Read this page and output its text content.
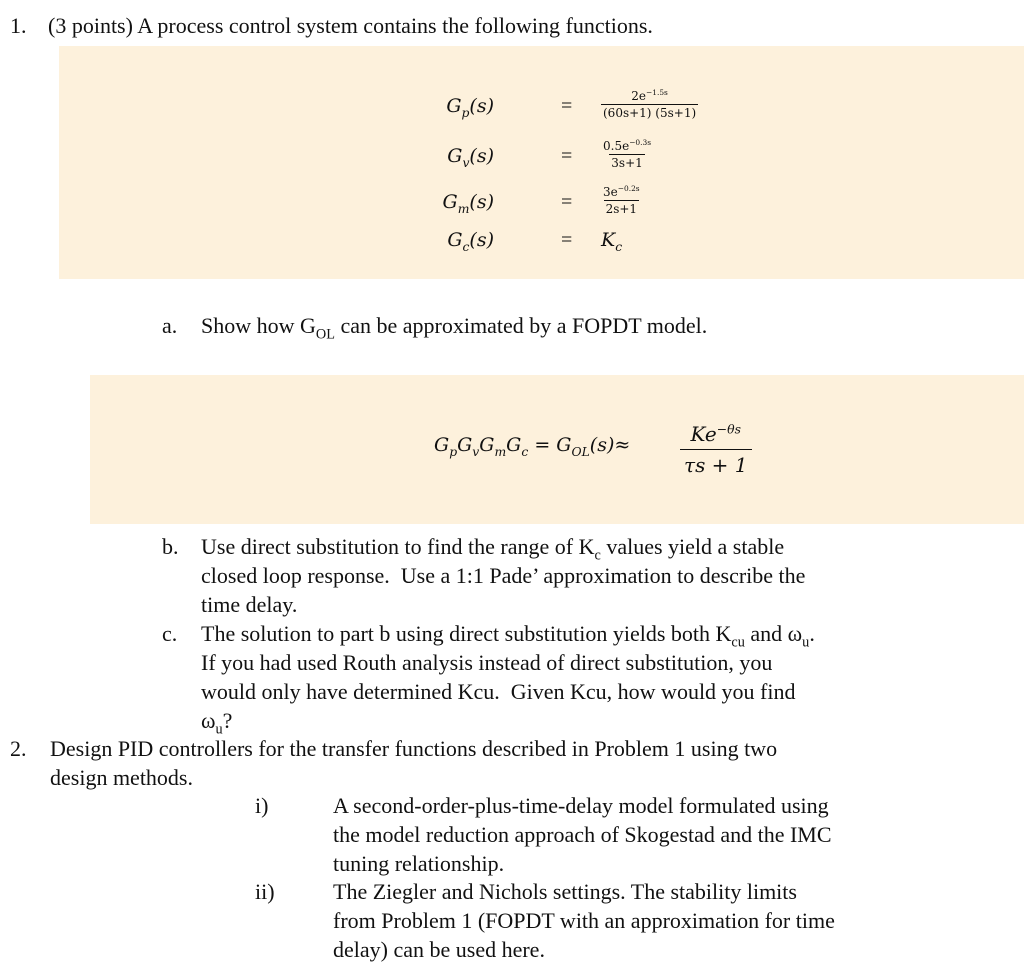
1. (3 points) A process control system contains the following functions.
$G_p(s)$	= $\frac{2e^{-1.5s}}{(60s+1) (5s+1)}$
$G_v(s)$	= $\frac{0.5e^{-0.3s}}{3s+1}$
$G_m(s)$	= $\frac{3e^{-0.2s}}{2s+1}$
$G_c(s)$	= $K_c$
a. Show how $G_{OL}$ can be approximated by a FOPDT model.
$G_pG_vG_mG_c = G_{OL}(s)\approx \frac{Ke^{-\theta s}}{\tau s + 1}$
b. Use direct substitution to find the range of $K_c$ values yield a stable
closed loop response.  Use a 1:1 Pade’ approximation to describe the
time delay.
c. The solution to part b using direct substitution yields both $K_{cu}$ and $\omega_u$.
If you had used Routh analysis instead of direct substitution, you
would only have determined Kcu.  Given Kcu, how would you find
$\omega_u$?
2. Design PID controllers for the transfer functions described in Problem 1 using two
design methods.
i)	A second-order-plus-time-delay model formulated using
the model reduction approach of Skogestad and the IMC
tuning relationship.
ii)	The Ziegler and Nichols settings. The stability limits
from Problem 1 (FOPDT with an approximation for time
delay) can be used here.
